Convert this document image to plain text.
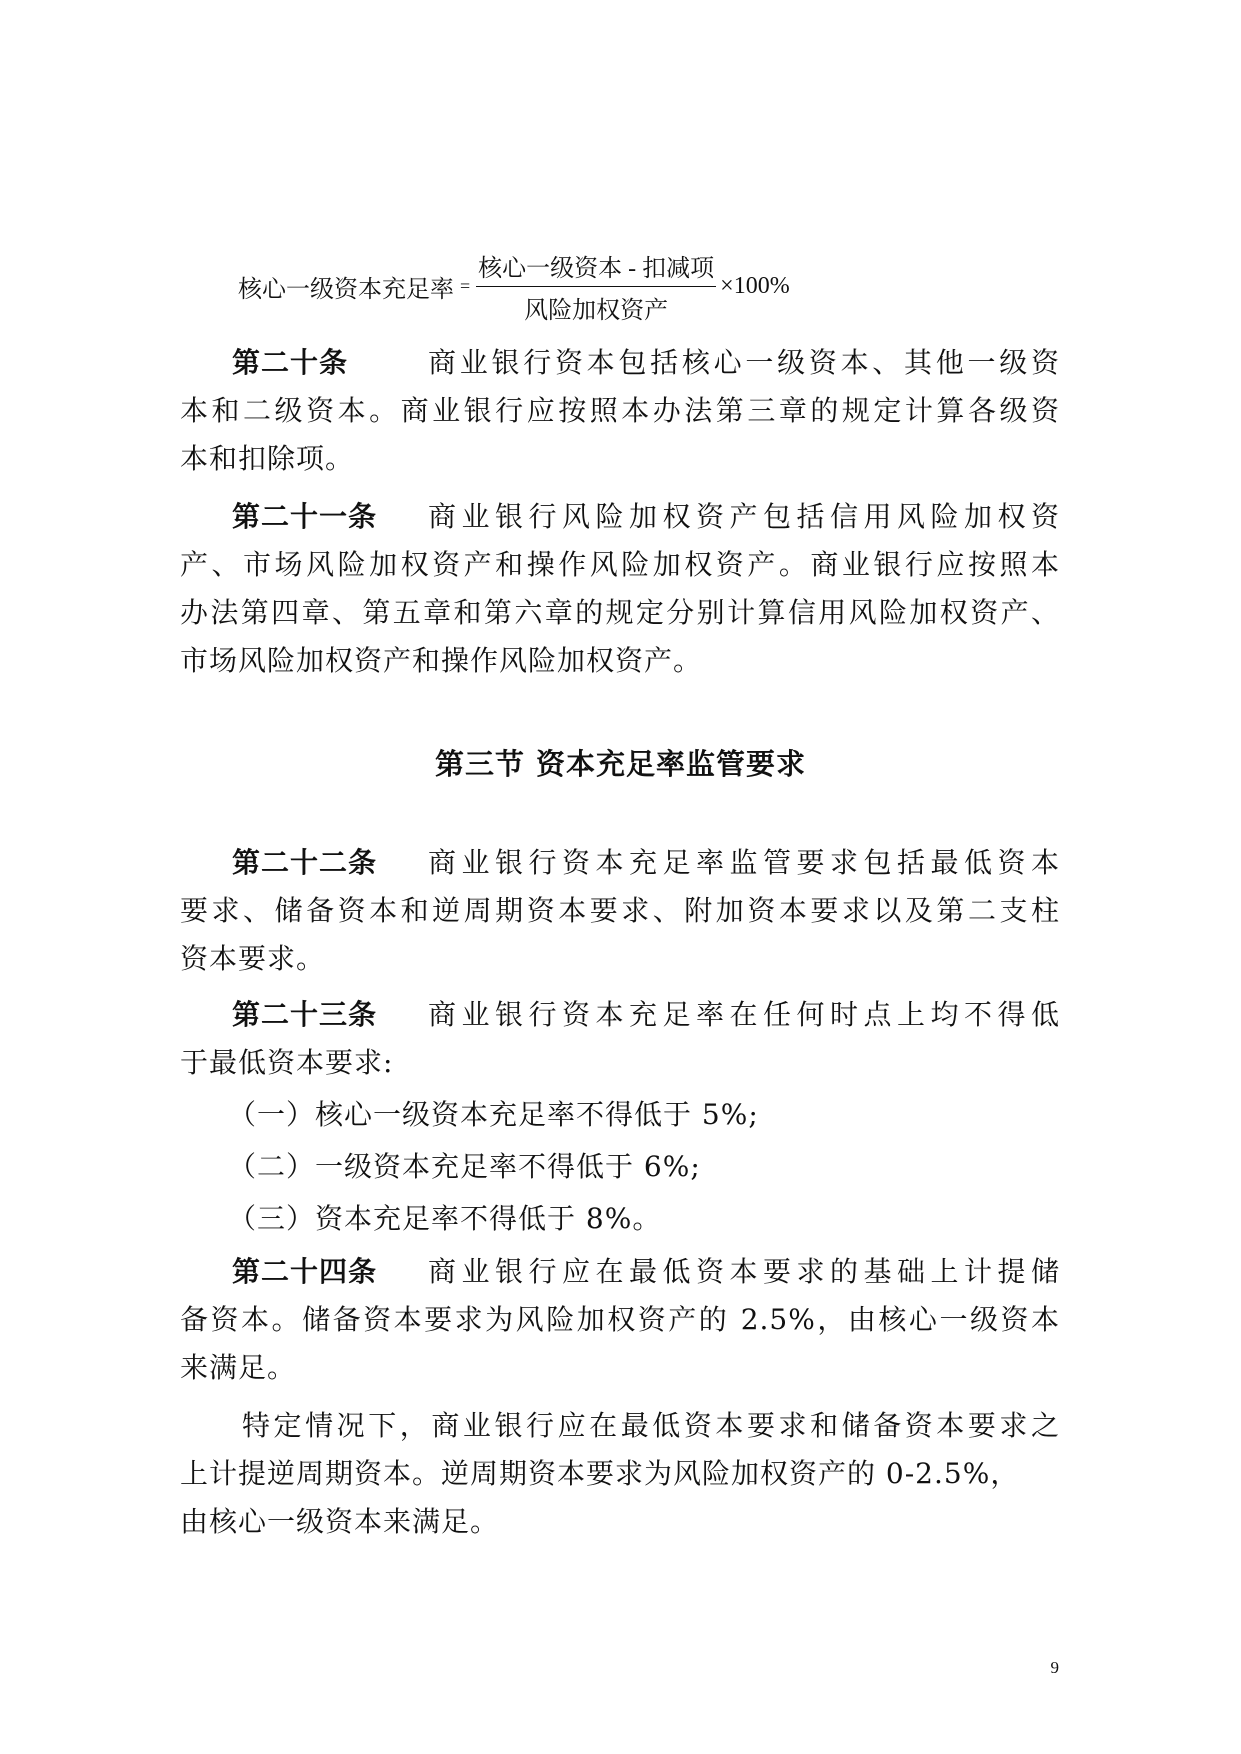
核心一级资本充足率 = $\frac{\text{核心一级资本 - 扣减项}}{\text{风险加权资产}} \times 100\%$
第二十条	商业银行资本包括核心一级资本、其他一级资
本和二级资本。商业银行应按照本办法第三章的规定计算各级资
本和扣除项。
第二十一条 商业银行风险加权资产包括信用风险加权资
产、市场风险加权资产和操作风险加权资产。商业银行应按照本
办法第四章、第五章和第六章的规定分别计算信用风险加权资产、
市场风险加权资产和操作风险加权资产。
第三节 资本充足率监管要求
第二十二条 商业银行资本充足率监管要求包括最低资本
要求、储备资本和逆周期资本要求、附加资本要求以及第二支柱
资本要求。
第二十三条 商业银行资本充足率在任何时点上均不得低
于最低资本要求:
（一）核心一级资本充足率不得低于 5%;
（二）一级资本充足率不得低于 6%;
（三）资本充足率不得低于 8%。
第二十四条 商业银行应在最低资本要求的基础上计提储
备资本。储备资本要求为风险加权资产的 2.5%，由核心一级资本
来满足。
特定情况下，商业银行应在最低资本要求和储备资本要求之
上计提逆周期资本。逆周期资本要求为风险加权资产的 0-2.5%，
由核心一级资本来满足。
9
